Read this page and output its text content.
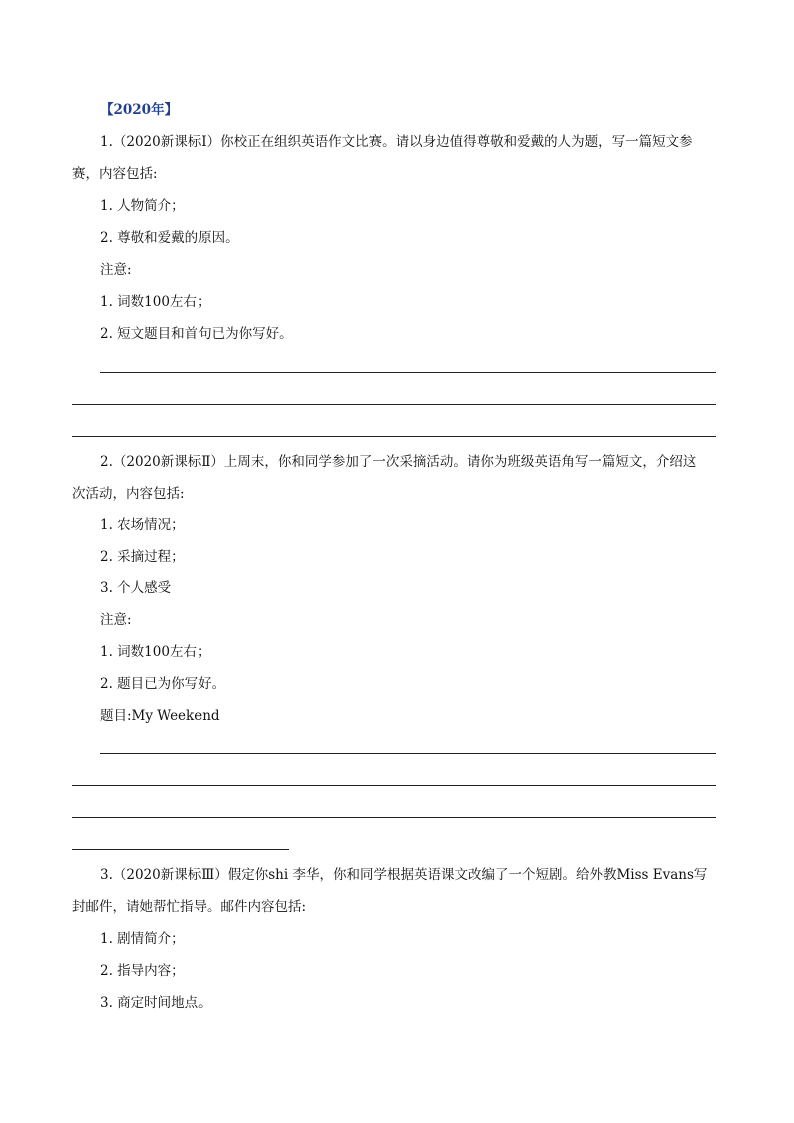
【2020年】
1.（2020新课标Ⅰ）你校正在组织英语作文比赛。请以身边值得尊敬和爱戴的人为题，写一篇短文参
赛，内容包括:
1. 人物简介；
2. 尊敬和爱戴的原因。
注意:
1. 词数100左右；
2. 短文题目和首句已为你写好。
2.（2020新课标Ⅱ）上周末，你和同学参加了一次采摘活动。请你为班级英语角写一篇短文，介绍这
次活动，内容包括:
1. 农场情况；
2. 采摘过程；
3. 个人感受
注意:
1. 词数100左右；
2. 题目已为你写好。
题目:My Weekend
3.（2020新课标Ⅲ）假定你shi 李华，你和同学根据英语课文改编了一个短剧。给外教Miss Evans写
封邮件，请她帮忙指导。邮件内容包括:
1. 剧情简介；
2. 指导内容；
3. 商定时间地点。
